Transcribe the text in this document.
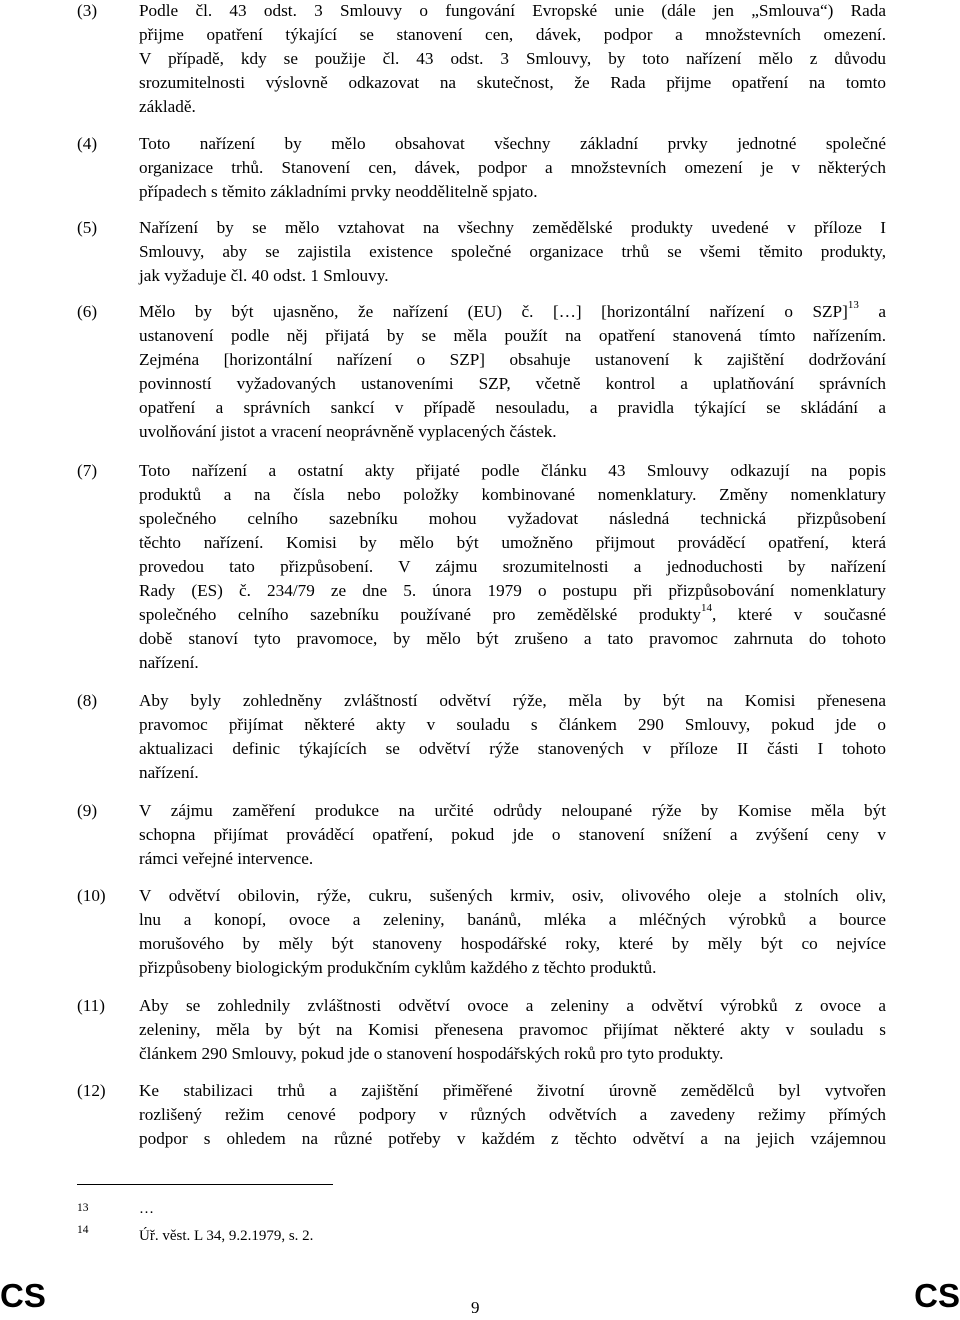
(3) Podle čl. 43 odst. 3 Smlouvy o fungování Evropské unie (dále jen „Smlouva“) Rada
přijme opatření týkající se stanovení cen, dávek, podpor a množstevních omezení.
V případě, kdy se použije čl. 43 odst. 3 Smlouvy, by toto nařízení mělo z důvodu
srozumitelnosti výslovně odkazovat na skutečnost, že Rada přijme opatření na tomto
základě.
(4) Toto nařízení by mělo obsahovat všechny základní prvky jednotné společné
organizace trhů. Stanovení cen, dávek, podpor a množstevních omezení je v některých
případech s těmito základními prvky neoddělitelně spjato.
(5) Nařízení by se mělo vztahovat na všechny zemědělské produkty uvedené v příloze I
Smlouvy, aby se zajistila existence společné organizace trhů se všemi těmito produkty,
jak vyžaduje čl. 40 odst. 1 Smlouvy.
(6) Mělo by být ujasněno, že nařízení (EU) č. […] [horizontální nařízení o SZP]$^{13}$ a
ustanovení podle něj přijatá by se měla použít na opatření stanovená tímto nařízením.
Zejména [horizontální nařízení o SZP] obsahuje ustanovení k zajištění dodržování
povinností vyžadovaných ustanoveními SZP, včetně kontrol a uplatňování správních
opatření a správních sankcí v případě nesouladu, a pravidla týkající se skládání a
uvolňování jistot a vracení neoprávněně vyplacených částek.
(7) Toto nařízení a ostatní akty přijaté podle článku 43 Smlouvy odkazují na popis
produktů a na čísla nebo položky kombinované nomenklatury. Změny nomenklatury
společného celního sazebníku mohou vyžadovat následná technická přizpůsobení
těchto nařízení. Komisi by mělo být umožněno přijmout prováděcí opatření, která
provedou tato přizpůsobení. V zájmu srozumitelnosti a jednoduchosti by nařízení
Rady (ES) č. 234/79 ze dne 5. února 1979 o postupu při přizpůsobování nomenklatury
společného celního sazebníku používané pro zemědělské produkty$^{14}$, které v současné
době stanoví tyto pravomoce, by mělo být zrušeno a tato pravomoc zahrnuta do tohoto
nařízení.
(8) Aby byly zohledněny zvláštností odvětví rýže, měla by být na Komisi přenesena
pravomoc přijímat některé akty v souladu s článkem 290 Smlouvy, pokud jde o
aktualizaci definic týkajících se odvětví rýže stanovených v příloze II části I tohoto
nařízení.
(9) V zájmu zaměření produkce na určité odrůdy neloupané rýže by Komise měla být
schopna přijímat prováděcí opatření, pokud jde o stanovení snížení a zvýšení ceny v
rámci veřejné intervence.
(10) V odvětví obilovin, rýže, cukru, sušených krmiv, osiv, olivového oleje a stolních oliv,
lnu a konopí, ovoce a zeleniny, banánů, mléka a mléčných výrobků a bource
morušového by měly být stanoveny hospodářské roky, které by měly být co nejvíce
přizpůsobeny biologickým produkčním cyklům každého z těchto produktů.
(11) Aby se zohlednily zvláštnosti odvětví ovoce a zeleniny a odvětví výrobků z ovoce a
zeleniny, měla by být na Komisi přenesena pravomoc přijímat některé akty v souladu s
článkem 290 Smlouvy, pokud jde o stanovení hospodářských roků pro tyto produkty.
(12) Ke stabilizaci trhů a zajištění přiměřené životní úrovně zemědělců byl vytvořen
rozlišený režim cenové podpory v různých odvětvích a zavedeny režimy přímých
podpor s ohledem na různé potřeby v každém z těchto odvětví a na jejich vzájemnou
13	…
14	Úř. věst. L 34, 9.2.1979, s. 2.
CS	9	CS
